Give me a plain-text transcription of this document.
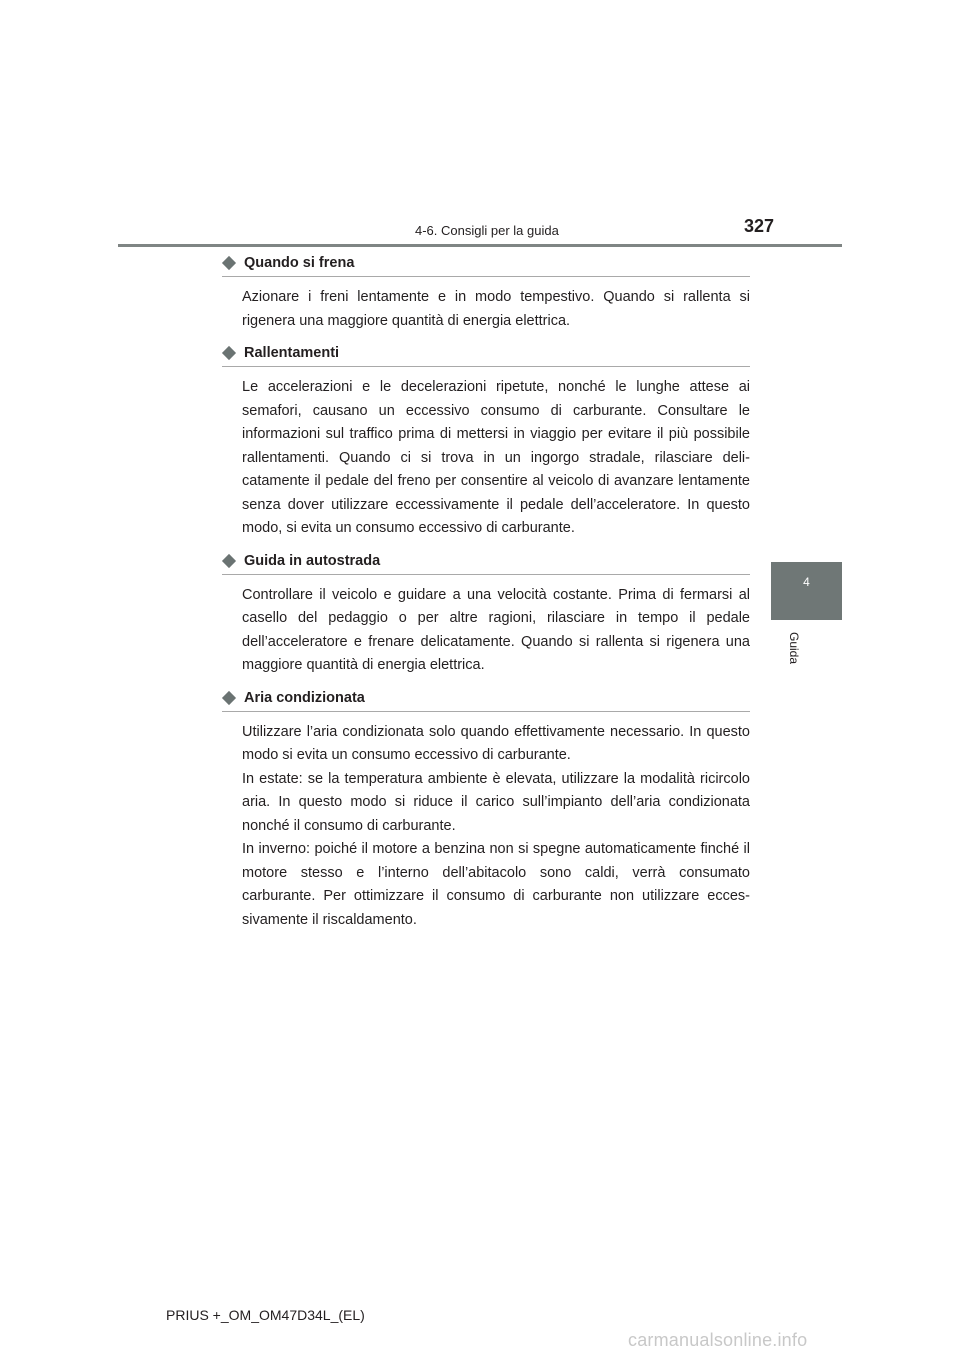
4-6. Consigli per la guida	327
4
Guida
Quando si frena

Azionare i freni lentamente e in modo tempestivo. Quando si rallenta si rigenera una maggiore quantità di energia elettrica.

Rallentamenti

Le accelerazioni e le decelerazioni ripetute, nonché le lunghe attese ai semafori, causano un eccessivo consumo di carburante. Consultare le informazioni sul traffico prima di mettersi in viaggio per evitare il più possibile rallentamenti. Quando ci si trova in un ingorgo stradale, rilasciare delicatamente il pedale del freno per consentire al veicolo di avanzare lentamente senza dover utilizzare eccessivamente il pedale dell’acceleratore. In questo modo, si evita un consumo eccessivo di carburante.

Guida in autostrada

Controllare il veicolo e guidare a una velocità costante. Prima di fermarsi al casello del pedaggio o per altre ragioni, rilasciare in tempo il pedale dell’acceleratore e frenare delicatamente. Quando si rallenta si rigenera una maggiore quantità di energia elettrica.

Aria condizionata

Utilizzare l’aria condizionata solo quando effettivamente necessario. In questo modo si evita un consumo eccessivo di carburante.

In estate: se la temperatura ambiente è elevata, utilizzare la modalità ricircolo aria. In questo modo si riduce il carico sull’impianto dell’aria condizionata nonché il consumo di carburante.

In inverno: poiché il motore a benzina non si spegne automaticamente finché il motore stesso e l’interno dell’abitacolo sono caldi, verrà consumato carburante. Per ottimizzare il consumo di carburante non utilizzare eccessivamente il riscaldamento.

PRIUS +_OM_OM47D34L_(EL)
carmanualsonline.info
